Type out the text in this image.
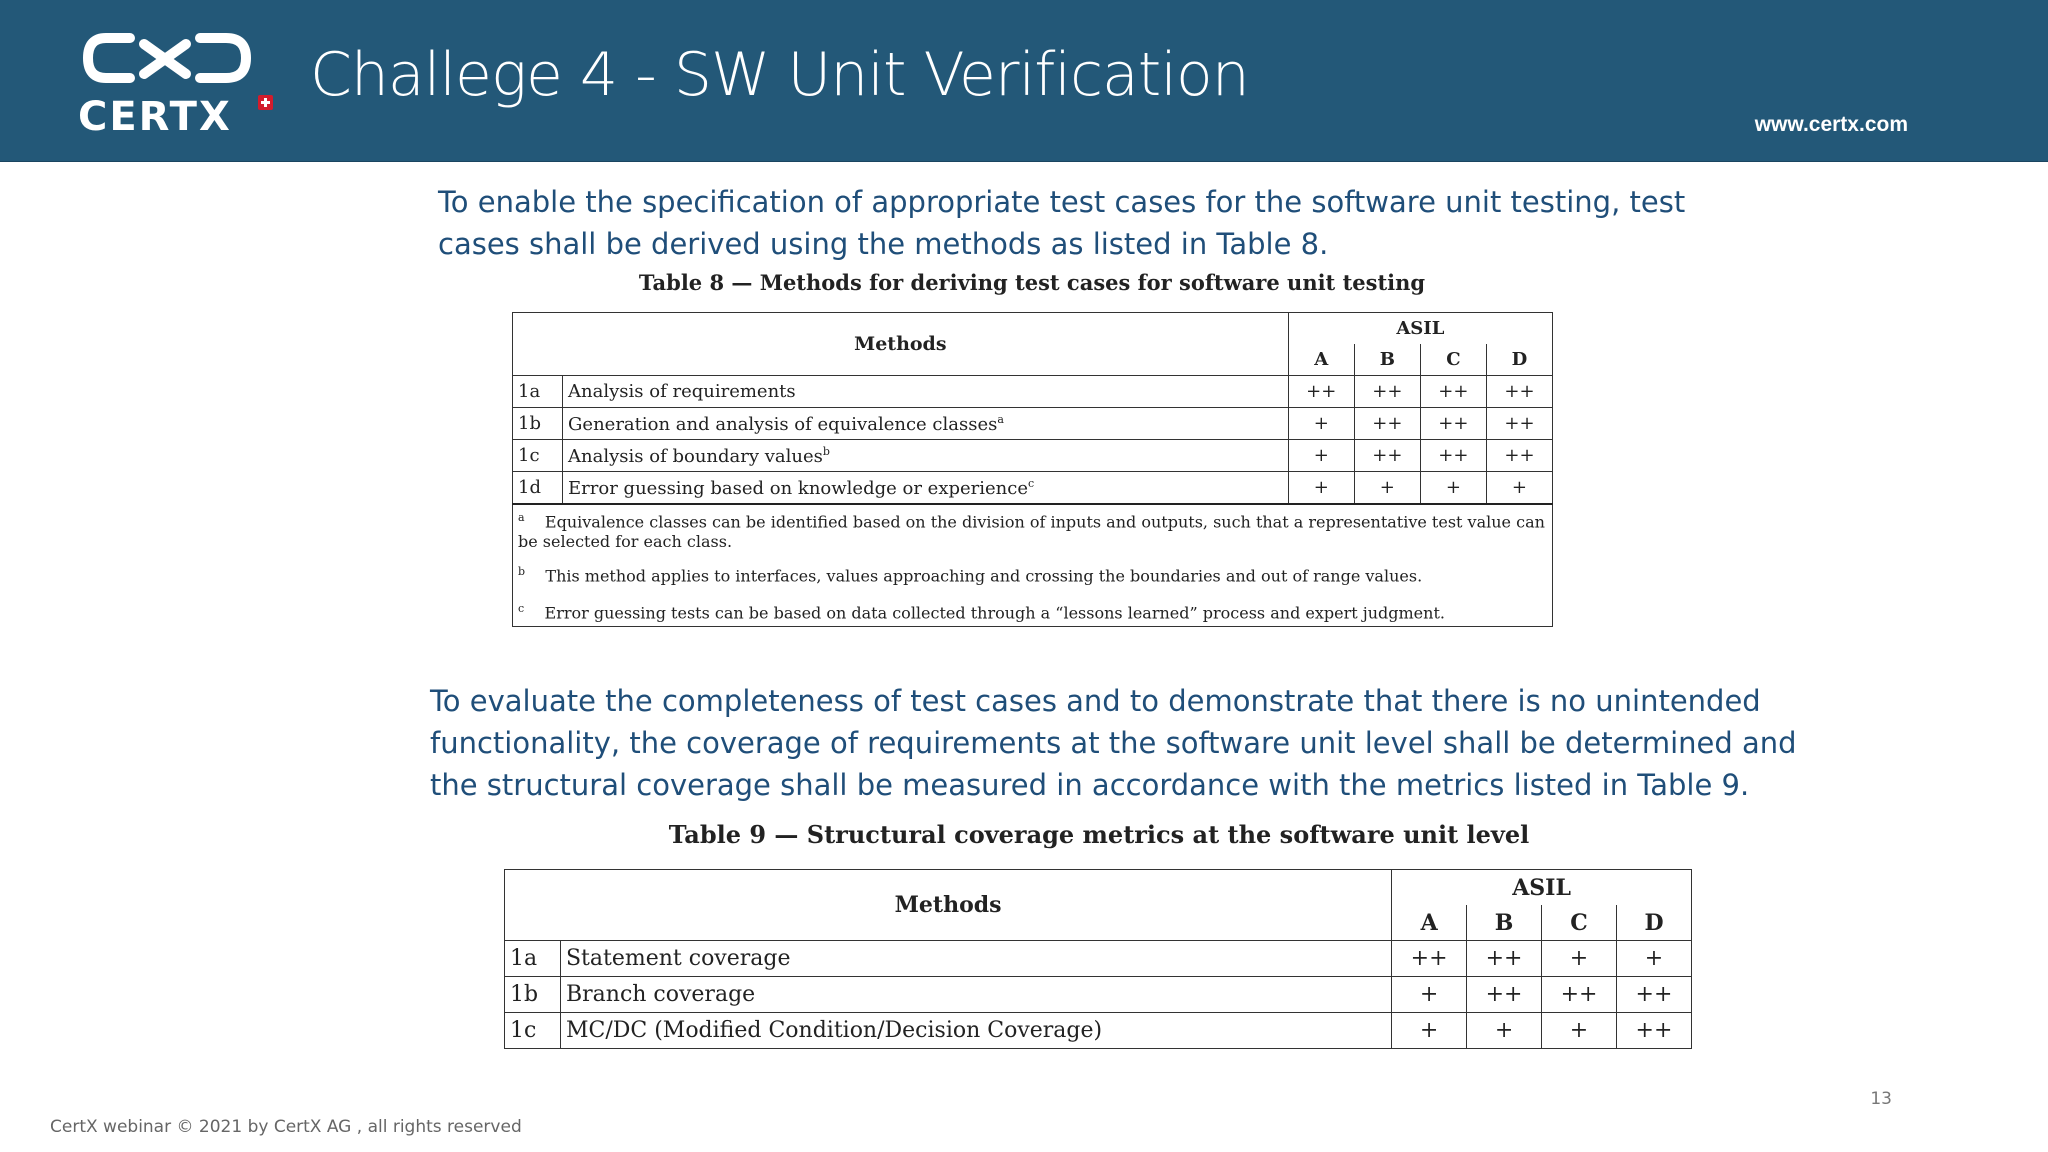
CERTX
Challege 4 - SW Unit Verification
www.certx.com
To enable the specification of appropriate test cases for the software unit testing, test cases shall be derived using the methods as listed in Table 8.
Table 8 — Methods for deriving test cases for software unit testing
Methods		ASIL			
		A	B	C	D
1a	Analysis of requirements	++	++	++	++
1b	Generation and analysis of equivalence classes$^a$	+	++	++	++
1c	Analysis of boundary values$^b$	+	++	++	++
1d	Error guessing based on knowledge or experience$^c$	+	+	+	+

$^a$ Equivalence classes can be identified based on the division of inputs and outputs, such that a representative test value can be selected for each class.
$^b$ This method applies to interfaces, values approaching and crossing the boundaries and out of range values.
$^c$ Error guessing tests can be based on data collected through a “lessons learned” process and expert judgment.					
To evaluate the completeness of test cases and to demonstrate that there is no unintended functionality, the coverage of requirements at the software unit level shall be determined and the structural coverage shall be measured in accordance with the metrics listed in Table 9.
Table 9 — Structural coverage metrics at the software unit level
Methods		ASIL			
		A	B	C	D
1a	Statement coverage	++	++	+	+
1b	Branch coverage	+	++	++	++
1c	MC/DC (Modified Condition/Decision Coverage)	+	+	+	++
CertX webinar © 2021 by CertX AG , all rights reserved
13
